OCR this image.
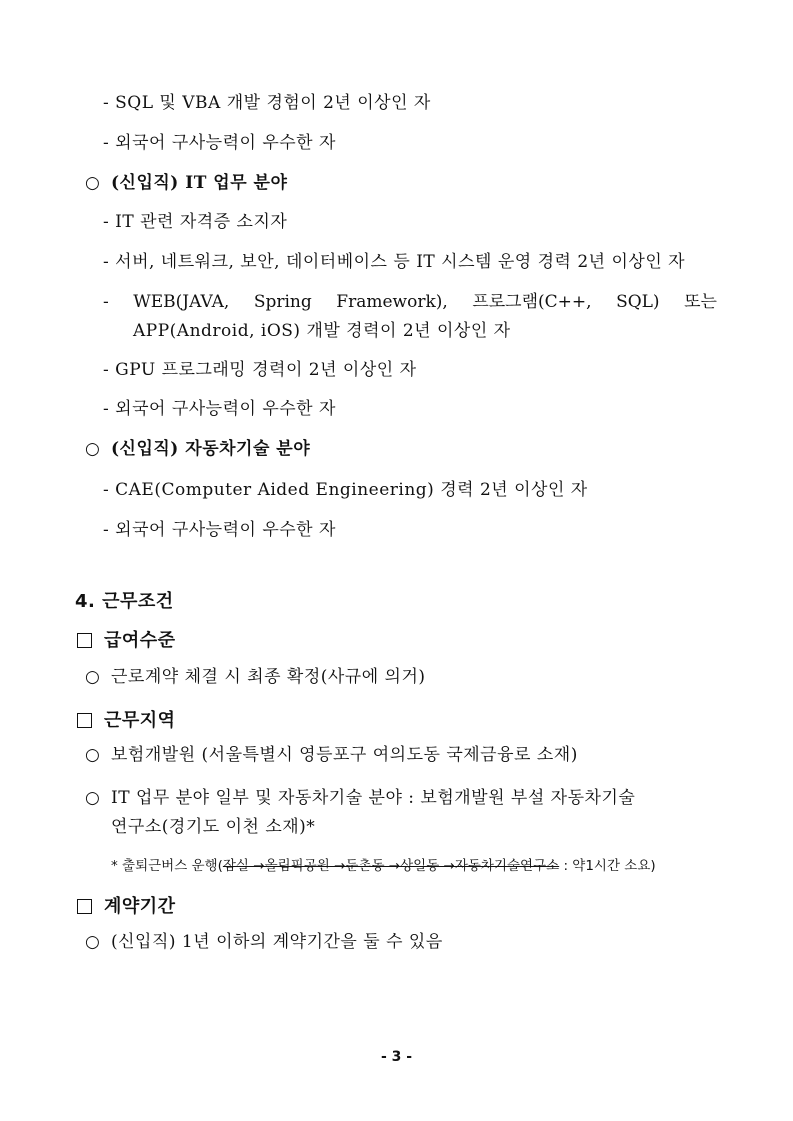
- SQL 및 VBA 개발 경험이 2년 이상인 자
- 외국어 구사능력이 우수한 자
○ (신입직) IT 업무 분야
- IT 관련 자격증 소지자
- 서버, 네트워크, 보안, 데이터베이스 등 IT 시스템 운영 경력 2년 이상인 자
- WEB(JAVA, Spring Framework), 프로그램(C++, SQL) 또는
APP(Android, iOS) 개발 경력이 2년 이상인 자
- GPU 프로그래밍 경력이 2년 이상인 자
- 외국어 구사능력이 우수한 자
○ (신입직) 자동차기술 분야
- CAE(Computer Aided Engineering) 경력 2년 이상인 자
- 외국어 구사능력이 우수한 자
4. 근무조건
급여수준
○ 근로계약 체결 시 최종 확정(사규에 의거)
근무지역
○ 보험개발원 (서울특별시 영등포구 여의도동 국제금융로 소재)
○ IT 업무 분야 일부 및 자동차기술 분야 : 보험개발원 부설 자동차기술
연구소(경기도 이천 소재)*
* 출퇴근버스 운행(잠실 →올림픽공원 →둔촌동 →상일동 →자동차기술연구소 : 약1시간 소요)
계약기간
○ (신입직) 1년 이하의 계약기간을 둘 수 있음
- 3 -
